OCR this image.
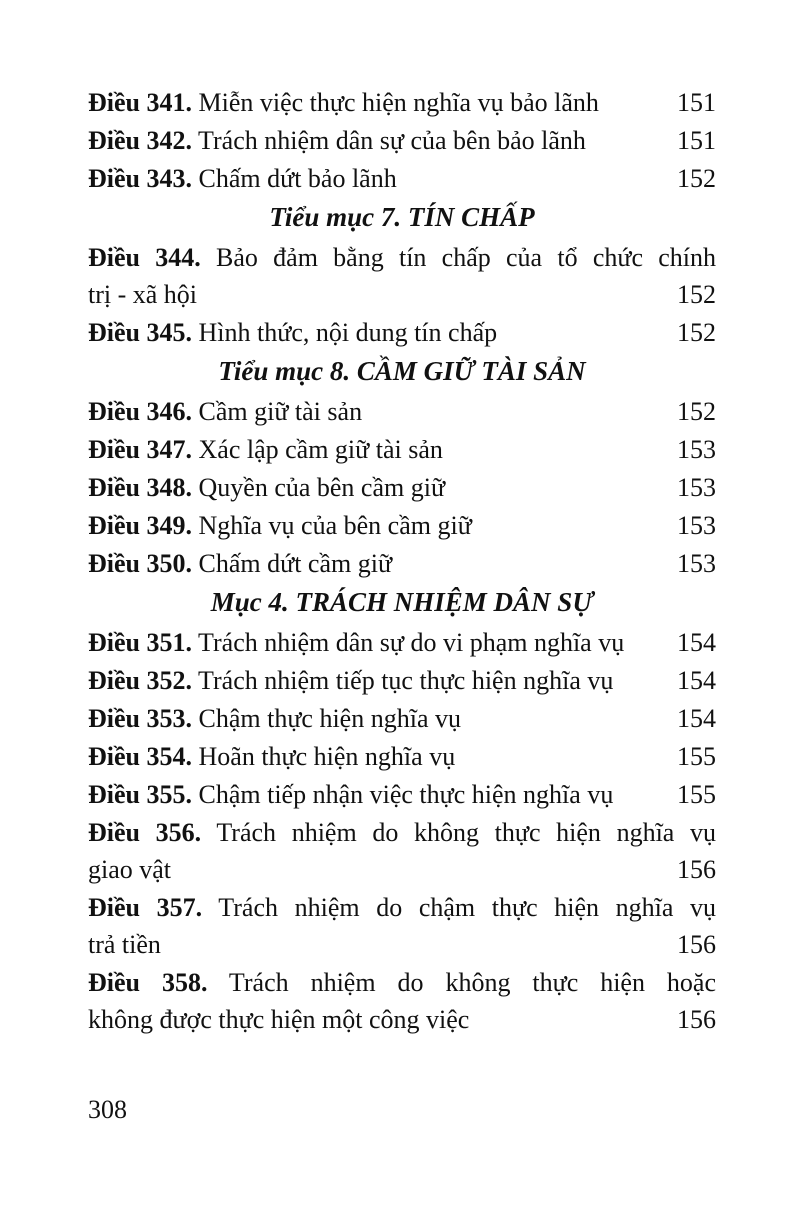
Điều 341. Miễn việc thực hiện nghĩa vụ bảo lãnh	151
Điều 342. Trách nhiệm dân sự của bên bảo lãnh	151
Điều 343. Chấm dứt bảo lãnh	152
Tiểu mục 7. TÍN CHẤP
Điều 344. Bảo đảm bằng tín chấp của tổ chức chính
trị - xã hội	152
Điều 345. Hình thức, nội dung tín chấp	152
Tiểu mục 8. CẦM GIỮ TÀI SẢN
Điều 346. Cầm giữ tài sản	152
Điều 347. Xác lập cầm giữ tài sản	153
Điều 348. Quyền của bên cầm giữ	153
Điều 349. Nghĩa vụ của bên cầm giữ	153
Điều 350. Chấm dứt cầm giữ	153
Mục 4. TRÁCH NHIỆM DÂN SỰ
Điều 351. Trách nhiệm dân sự do vi phạm nghĩa vụ	154
Điều 352. Trách nhiệm tiếp tục thực hiện nghĩa vụ	154
Điều 353. Chậm thực hiện nghĩa vụ	154
Điều 354. Hoãn thực hiện nghĩa vụ	155
Điều 355. Chậm tiếp nhận việc thực hiện nghĩa vụ	155
Điều 356. Trách nhiệm do không thực hiện nghĩa vụ
giao vật	156
Điều 357. Trách nhiệm do chậm thực hiện nghĩa vụ
trả tiền	156
Điều 358. Trách nhiệm do không thực hiện hoặc
không được thực hiện một công việc	156
308
